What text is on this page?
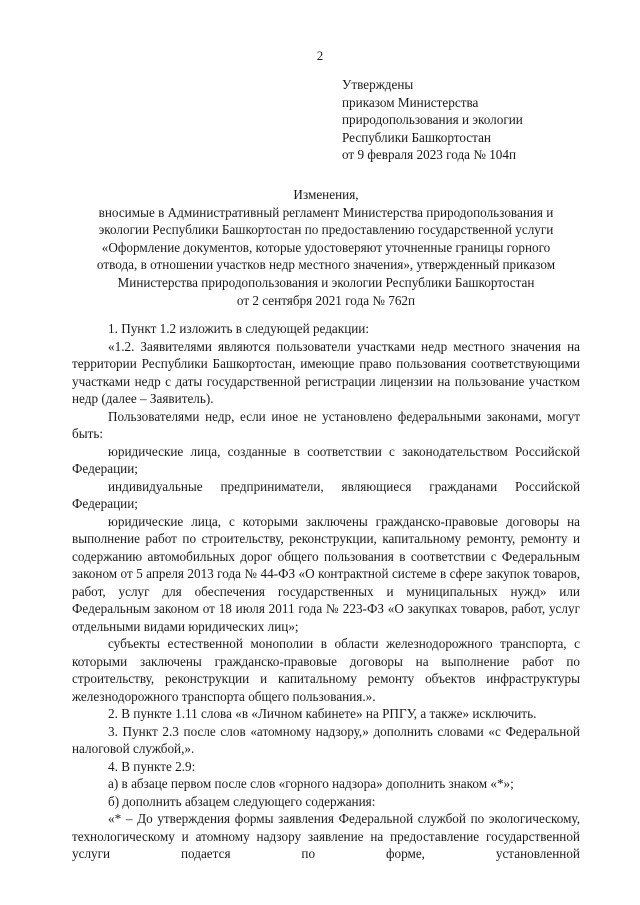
2
Утверждены
приказом Министерства
природопользования и экологии
Республики Башкортостан
от 9 февраля 2023 года № 104п
Изменения,
вносимые в Административный регламент Министерства природопользования и
экологии Республики Башкортостан по предоставлению государственной услуги
«Оформление документов, которые удостоверяют уточненные границы горного
отвода, в отношении участков недр местного значения», утвержденный приказом
Министерства природопользования и экологии Республики Башкортостан
от 2 сентября 2021 года № 762п

1. Пункт 1.2 изложить в следующей редакции:

«1.2. Заявителями являются пользователи участками недр местного значения на территории Республики Башкортостан, имеющие право пользования соответствующими участками недр с даты государственной регистрации лицензии на пользование участком недр (далее – Заявитель).

Пользователями недр, если иное не установлено федеральными законами, могут быть:

юридические лица, созданные в соответствии с законодательством Российской Федерации;

индивидуальные предприниматели, являющиеся гражданами Российской Федерации;

юридические лица, с которыми заключены гражданско-правовые договоры на выполнение работ по строительству, реконструкции, капитальному ремонту, ремонту и содержанию автомобильных дорог общего пользования в соответствии с Федеральным законом от 5 апреля 2013 года № 44-ФЗ «О контрактной системе в сфере закупок товаров, работ, услуг для обеспечения государственных и муниципальных нужд» или Федеральным законом от 18 июля 2011 года № 223-ФЗ «О закупках товаров, работ, услуг отдельными видами юридических лиц»;

субъекты естественной монополии в области железнодорожного транспорта, с которыми заключены гражданско-правовые договоры на выполнение работ по строительству, реконструкции и капитальному ремонту объектов инфраструктуры железнодорожного транспорта общего пользования.».

2. В пункте 1.11 слова «в «Личном кабинете» на РПГУ, а также» исключить.

3. Пункт 2.3 после слов «атомному надзору,» дополнить словами «с Федеральной налоговой службой,».

4. В пункте 2.9:

а) в абзаце первом после слов «горного надзора» дополнить знаком «*»;

б) дополнить абзацем следующего содержания:

«* – До утверждения формы заявления Федеральной службой по экологическому, технологическому и атомному надзору заявление на предоставление государственной услуги подается по форме, установленной
